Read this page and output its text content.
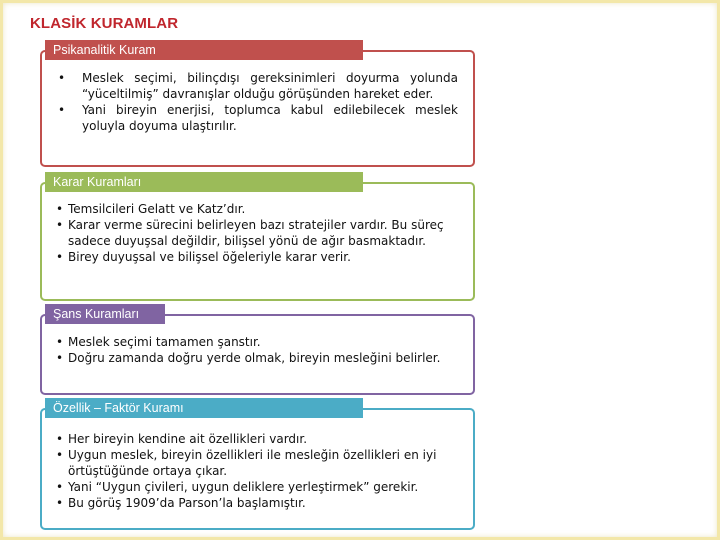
KLASİK KURAMLAR
Psikanalitik Kuram
• Meslek seçimi, bilinçdışı gereksinimleri doyurma yolunda “yüceltilmiş” davranışlar olduğu görüşünden hareket eder.
• Yani bireyin enerjisi, toplumca kabul edilebilecek meslek yoluyla doyuma ulaştırılır.
Karar Kuramları
• Temsilcileri Gelatt ve Katz’dır.
• Karar verme sürecini belirleyen bazı stratejiler vardır. Bu süreç sadece duyuşsal değildir, bilişsel yönü de ağır basmaktadır.
• Birey duyuşsal ve bilişsel öğeleriyle karar verir.
Şans Kuramları
• Meslek seçimi tamamen şanstır.
• Doğru zamanda doğru yerde olmak, bireyin mesleğini belirler.
Özellik – Faktör Kuramı
• Her bireyin kendine ait özellikleri vardır.
• Uygun meslek, bireyin özellikleri ile mesleğin özellikleri en iyi örtüştüğünde ortaya çıkar.
• Yani “Uygun çivileri, uygun deliklere yerleştirmek” gerekir.
• Bu görüş 1909’da Parson’la başlamıştır.
